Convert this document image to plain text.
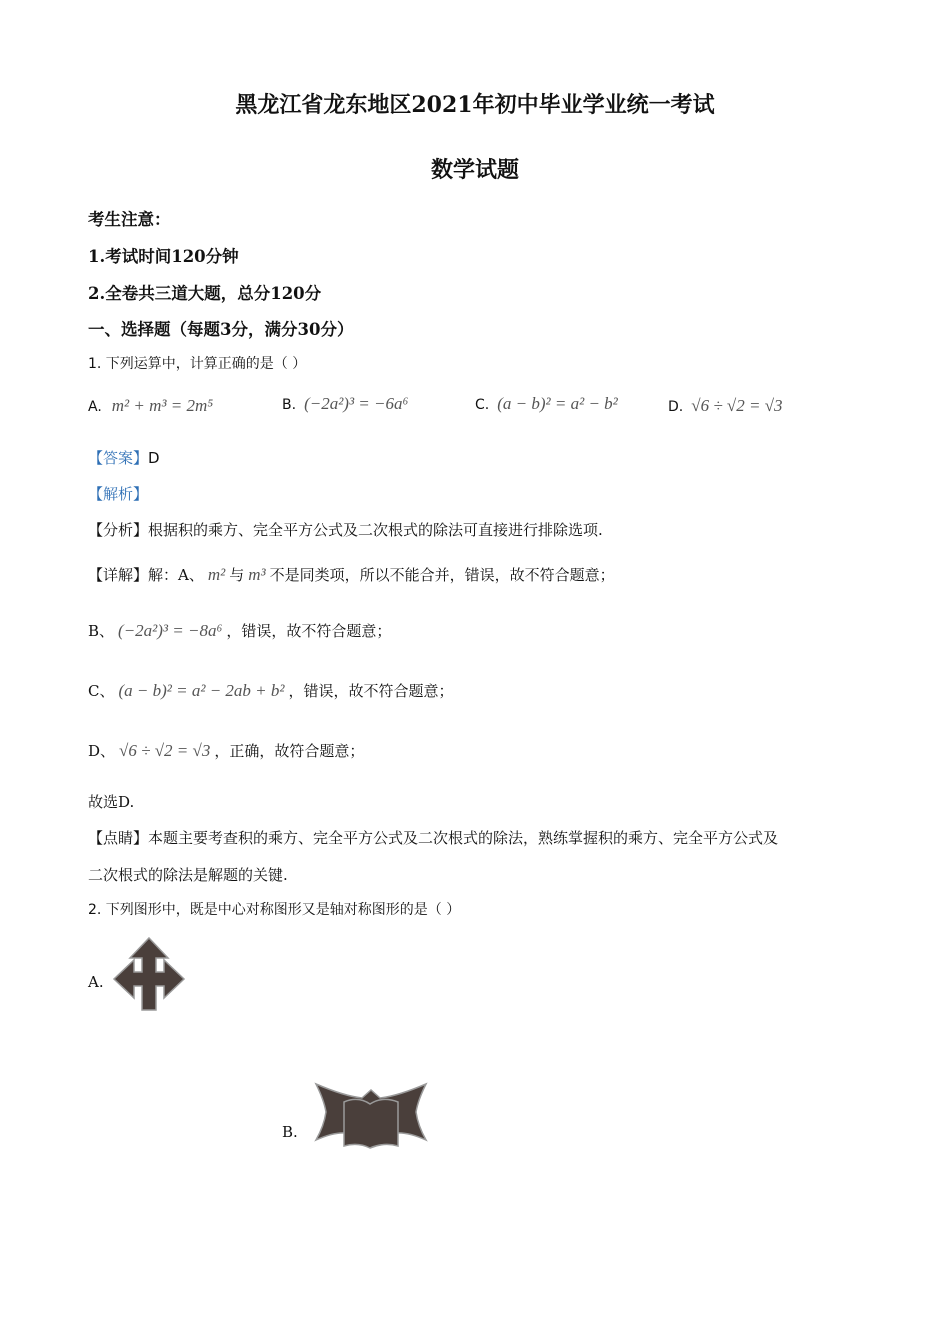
黑龙江省龙东地区2021年初中毕业学业统一考试
数学试题
考生注意：
1.考试时间120分钟
2.全卷共三道大题，总分120分
一、选择题（每题3分，满分30分）
1. 下列运算中，计算正确的是（ ）
A. m² + m³ = 2m⁵	B. (−2a²)³ = −6a⁶	C. (a − b)² = a² − b²	D. √6 ÷ √2 = √3
【答案】 D
【解析】
【分析】根据积的乘方、完全平方公式及二次根式的除法可直接进行排除选项.
【详解】解：A、 m² 与 m³ 不是同类项，所以不能合并，错误，故不符合题意；
B、 (−2a²)³ = −8a⁶ ，错误，故不符合题意；
C、 (a − b)² = a² − 2ab + b² ，错误，故不符合题意；
D、 √6 ÷ √2 = √3 ，正确，故符合题意；
故选D.
【点睛】本题主要考查积的乘方、完全平方公式及二次根式的除法，熟练掌握积的乘方、完全平方公式及
二次根式的除法是解题的关键.
2. 下列图形中，既是中心对称图形又是轴对称图形的是（ ）
A.
B.
